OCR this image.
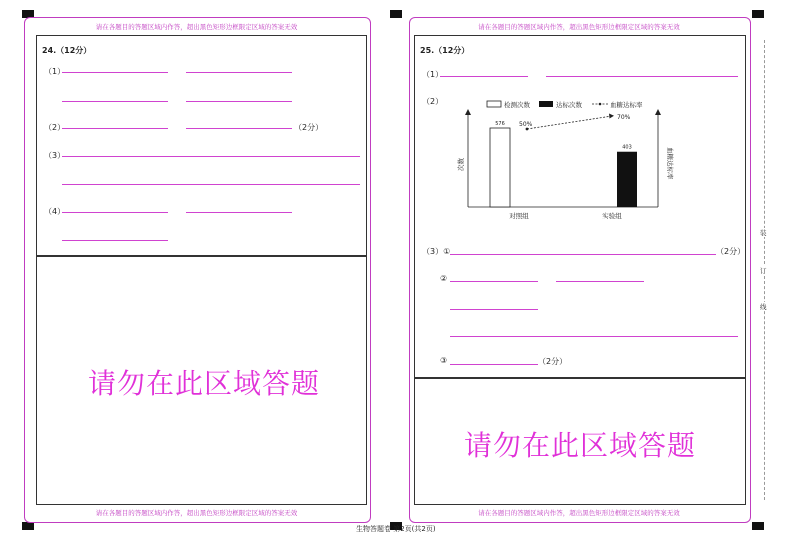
请在各题目的答题区域内作答，超出黑色矩形边框限定区域的答案无效
请在各题目的答题区域内作答，超出黑色矩形边框限定区域的答案无效
24.（12分）
（1）
（2）	（2分）
（3）
（4）
请勿在此区域答题
请在各题目的答题区域内作答，超出黑色矩形边框限定区域的答案无效
请在各题目的答题区域内作答，超出黑色矩形边框限定区域的答案无效
25.（12分）
（1）
（2）	检测次数	达标次数	血糖达标率
次数	血糖达标率
576
403
50%
70%
对照组	实验组
（3）①	（2分）
②
③	（2分）
请勿在此区域答题
装
订
线
生物答题卷 第2页(共2页)
